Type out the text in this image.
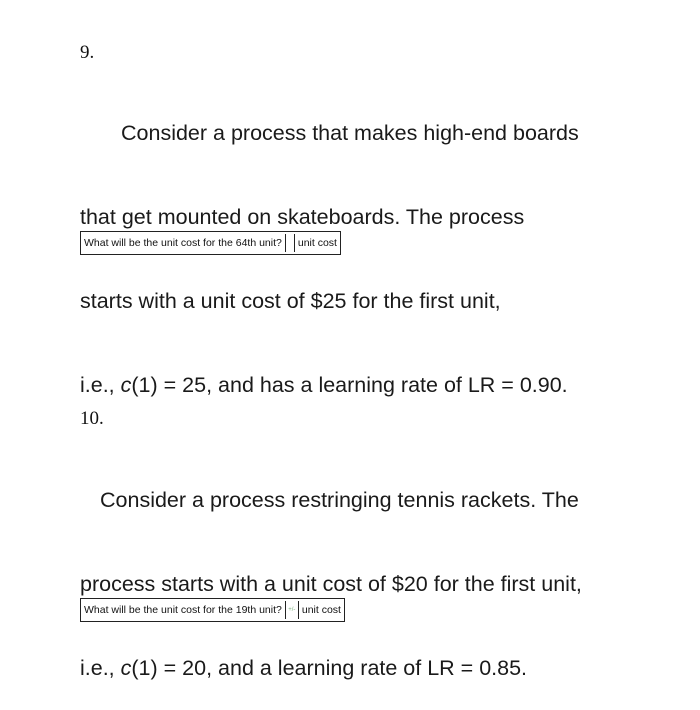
9.

Consider a process that makes high-end boards

that get mounted on skateboards. The process

starts with a unit cost of $25 for the first unit,

i.e., c(1) = 25, and has a learning rate of LR = 0.90.

What will be the unit cost for the 64th unit? unit cost
10.

Consider a process restringing tennis rackets. The

process starts with a unit cost of $20 for the first unit,

i.e., c(1) = 20, and a learning rate of LR = 0.85.

What will be the unit cost for the 19th unit?	+/- unit cost
